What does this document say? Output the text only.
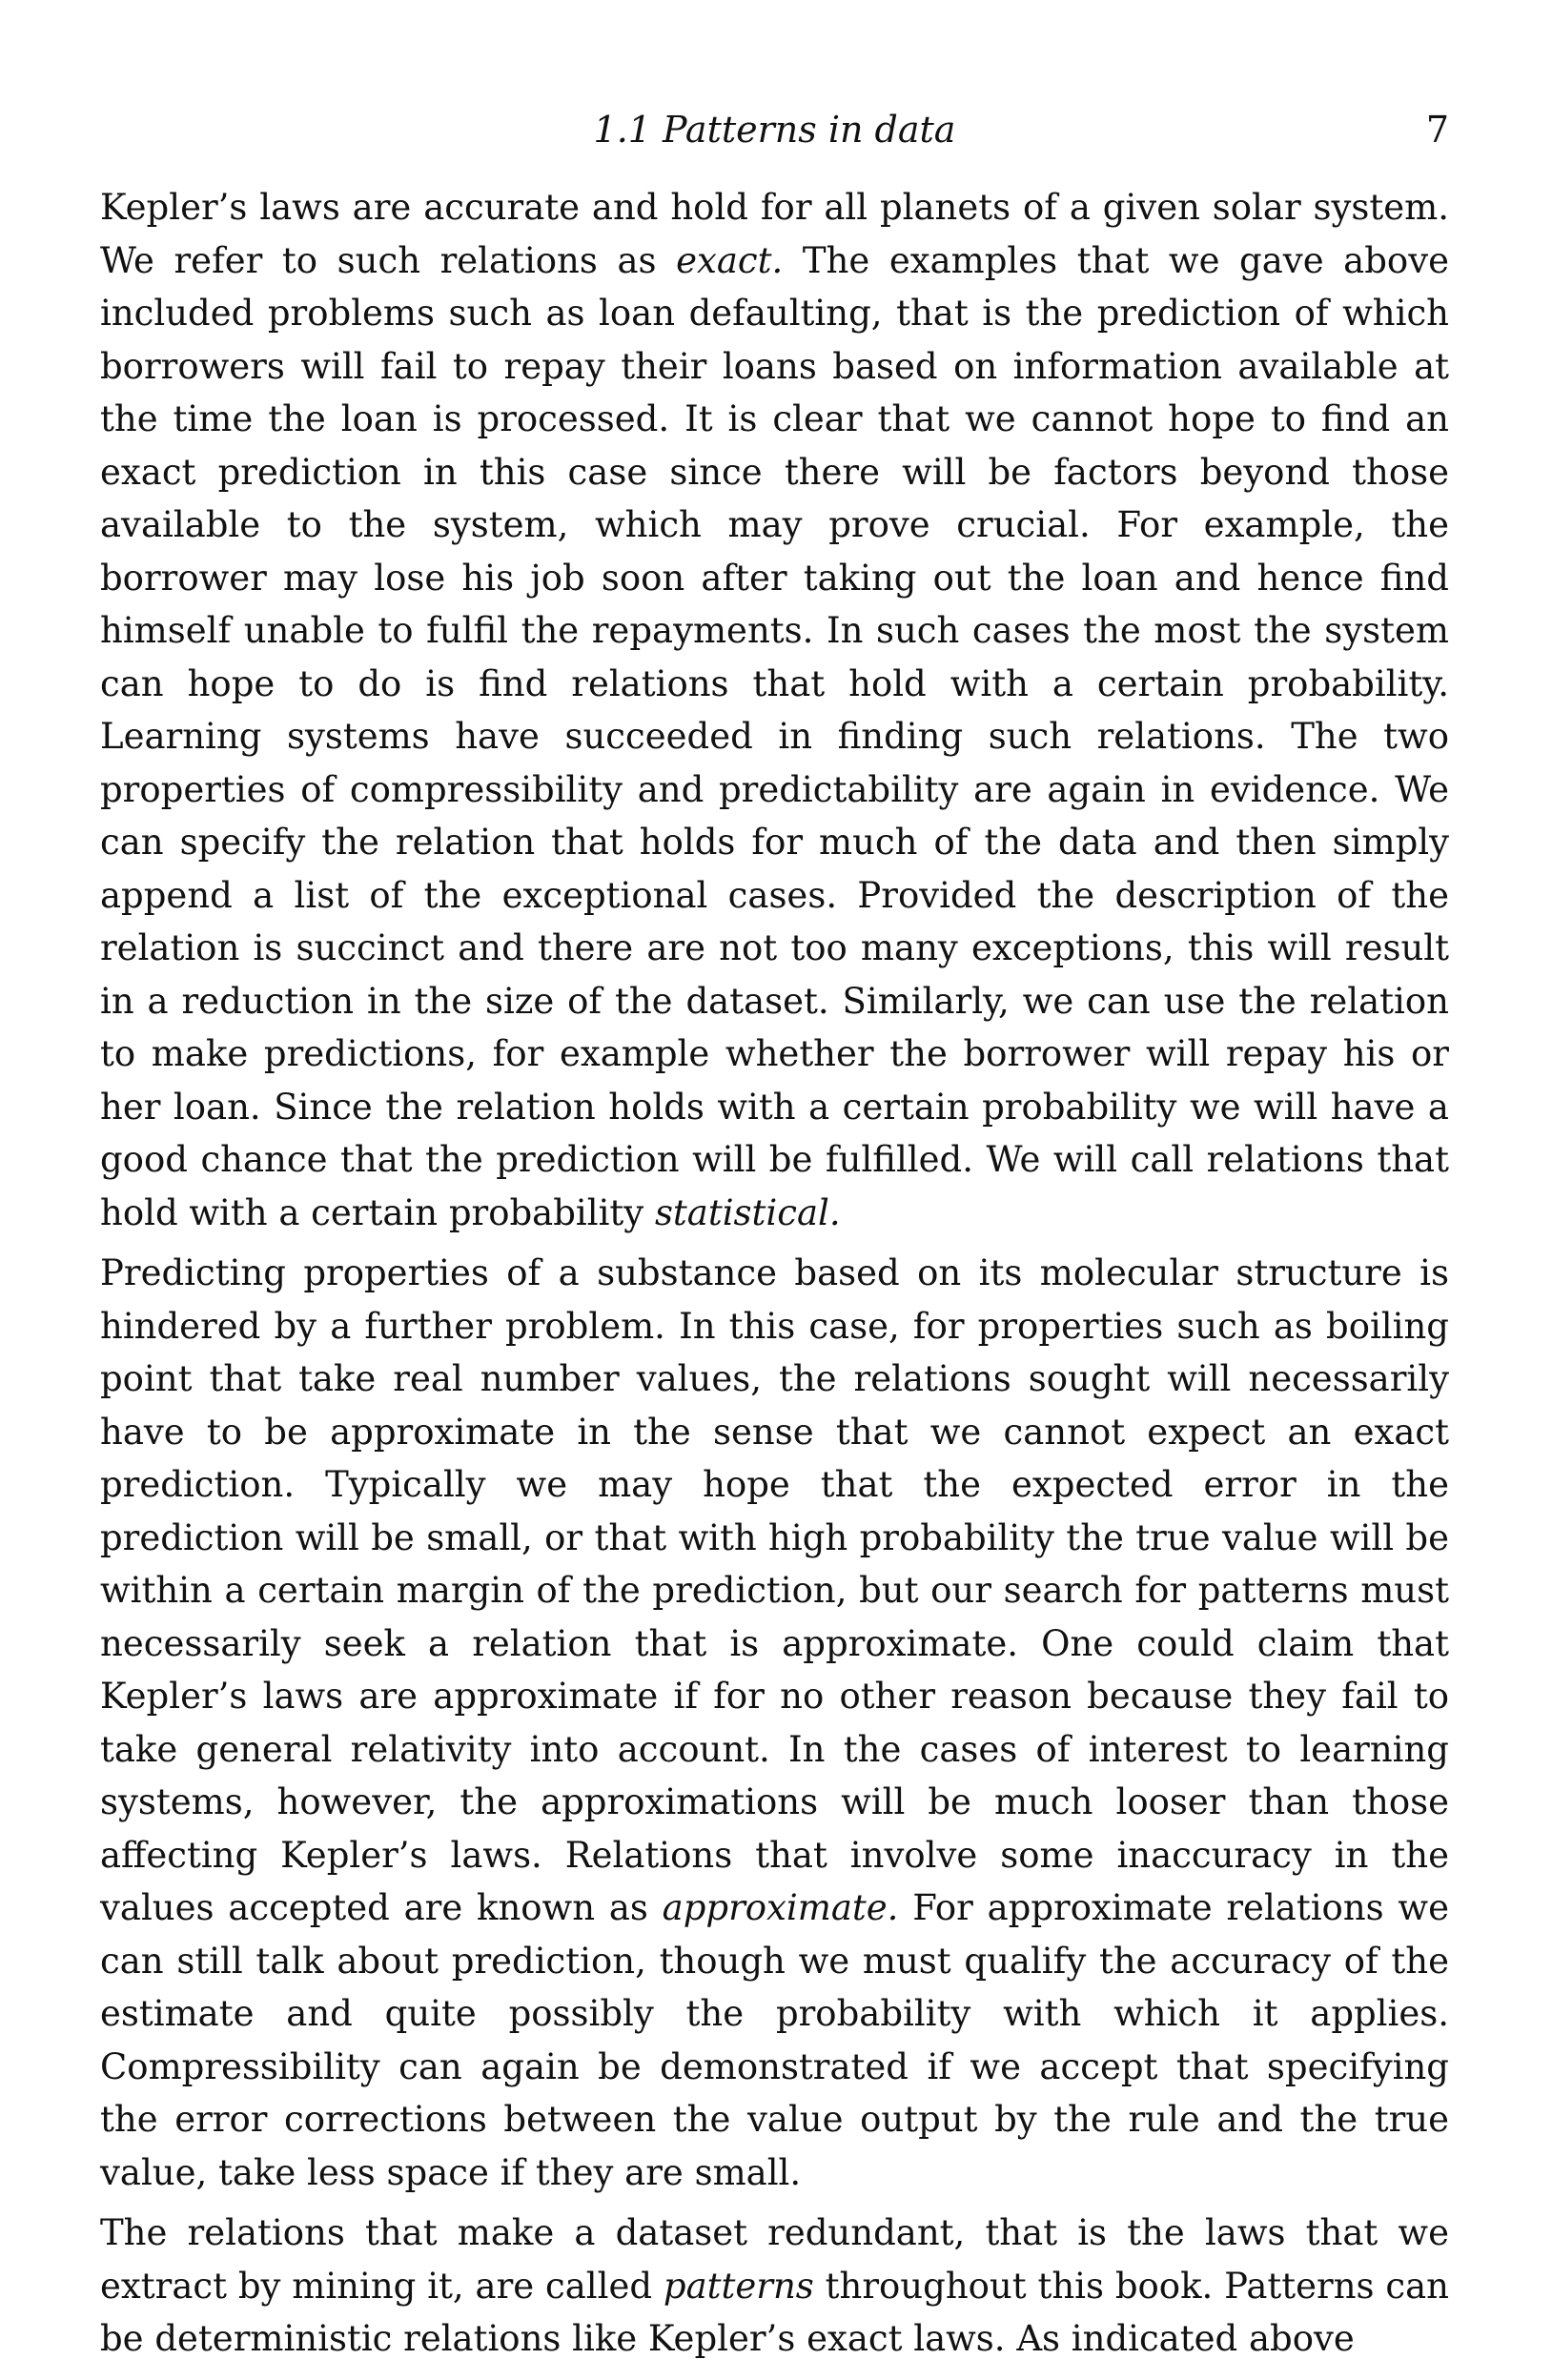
1.1 Patterns in data	7

Kepler’s laws are accurate and hold for all planets of a given solar system. We refer to such relations as exact. The examples that we gave above included problems such as loan defaulting, that is the prediction of which borrowers will fail to repay their loans based on information available at the time the loan is processed. It is clear that we cannot hope to find an exact prediction in this case since there will be factors beyond those available to the system, which may prove crucial. For example, the borrower may lose his job soon after taking out the loan and hence find himself unable to fulfil the repayments. In such cases the most the system can hope to do is find relations that hold with a certain probability. Learning systems have succeeded in finding such relations. The two properties of compressibility and predictability are again in evidence. We can specify the relation that holds for much of the data and then simply append a list of the exceptional cases. Provided the description of the relation is succinct and there are not too many exceptions, this will result in a reduction in the size of the dataset. Similarly, we can use the relation to make predictions, for example whether the borrower will repay his or her loan. Since the relation holds with a certain probability we will have a good chance that the prediction will be fulfilled. We will call relations that hold with a certain probability statistical.

Predicting properties of a substance based on its molecular structure is hindered by a further problem. In this case, for properties such as boiling point that take real number values, the relations sought will necessarily have to be approximate in the sense that we cannot expect an exact prediction. Typically we may hope that the expected error in the prediction will be small, or that with high probability the true value will be within a certain margin of the prediction, but our search for patterns must necessarily seek a relation that is approximate. One could claim that Kepler’s laws are approximate if for no other reason because they fail to take general relativity into account. In the cases of interest to learning systems, however, the approximations will be much looser than those affecting Kepler’s laws. Relations that involve some inaccuracy in the values accepted are known as approximate. For approximate relations we can still talk about prediction, though we must qualify the accuracy of the estimate and quite possibly the probability with which it applies. Compressibility can again be demonstrated if we accept that specifying the error corrections between the value output by the rule and the true value, take less space if they are small.

The relations that make a dataset redundant, that is the laws that we extract by mining it, are called patterns throughout this book. Patterns can be deterministic relations like Kepler’s exact laws. As indicated above
